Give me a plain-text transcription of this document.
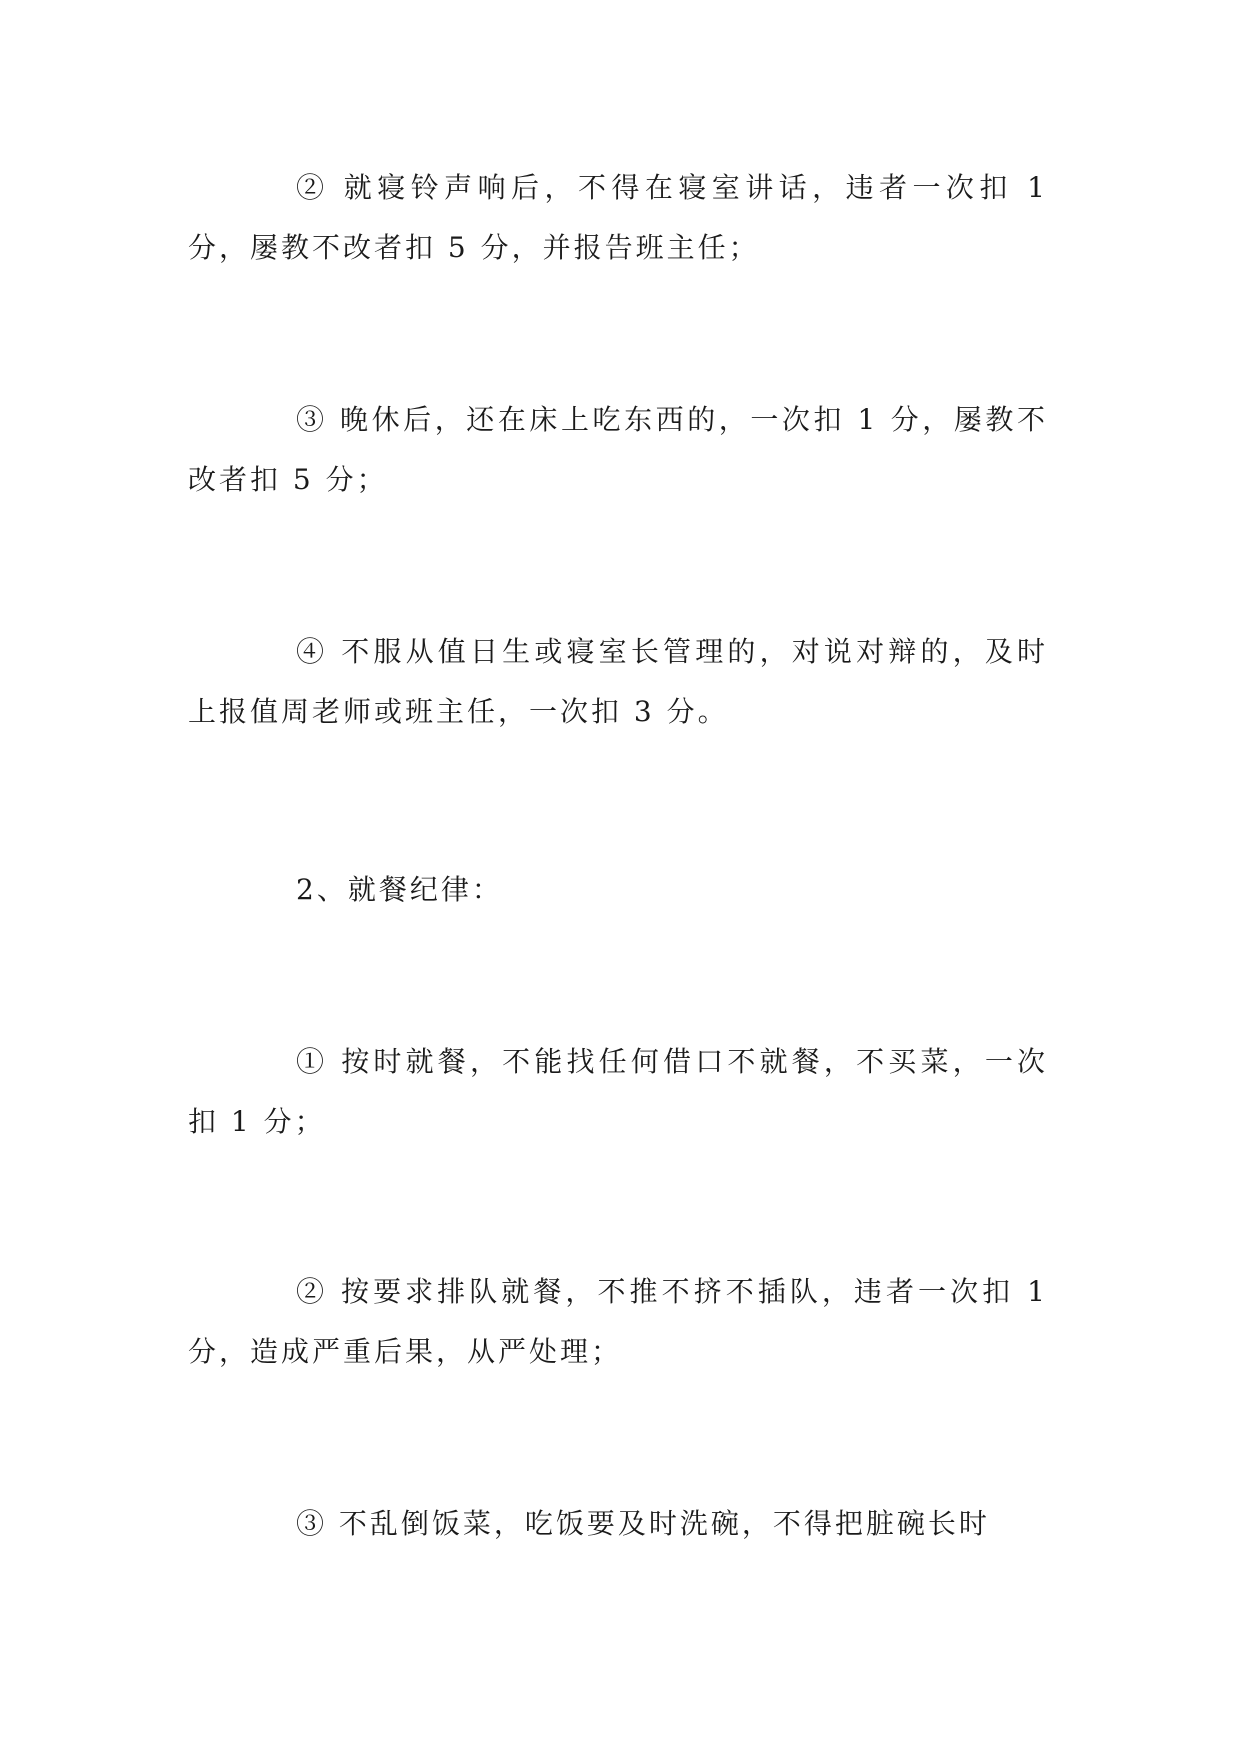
② 就寝铃声响后，不得在寝室讲话，违者一次扣 1 分，屡教不改者扣 5 分，并报告班主任；

③ 晚休后，还在床上吃东西的，一次扣 1 分，屡教不改者扣 5 分；

④ 不服从值日生或寝室长管理的，对说对辩的，及时上报值周老师或班主任，一次扣 3 分。

2、就餐纪律：

① 按时就餐，不能找任何借口不就餐，不买菜，一次扣 1 分；

② 按要求排队就餐，不推不挤不插队，违者一次扣 1 分，造成严重后果，从严处理；

③ 不乱倒饭菜，吃饭要及时洗碗，不得把脏碗长时
